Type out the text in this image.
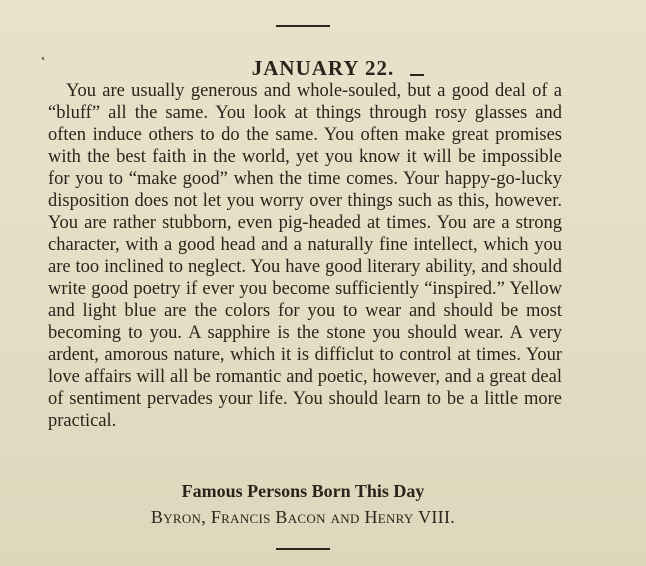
JANUARY 22.

You are usually generous and whole-souled, but a good deal of a “bluff” all the same. You look at things through rosy glasses and often induce others to do the same. You often make great promises with the best faith in the world, yet you know it will be impossible for you to “make good” when the time comes. Your happy-go-lucky disposition does not let you worry over things such as this, however. You are rather stubborn, even pig-headed at times. You are a strong character, with a good head and a naturally fine intellect, which you are too inclined to neglect. You have good literary ability, and should write good poetry if ever you become sufficiently “inspired.” Yellow and light blue are the colors for you to wear and should be most becoming to you. A sapphire is the stone you should wear. A very ardent, amorous nature, which it is difficlut to control at times. Your love affairs will all be romantic and poetic, however, and a great deal of sentiment pervades your life. You should learn to be a little more practical.

Famous Persons Born This Day
Byron, Francis Bacon and Henry VIII.
